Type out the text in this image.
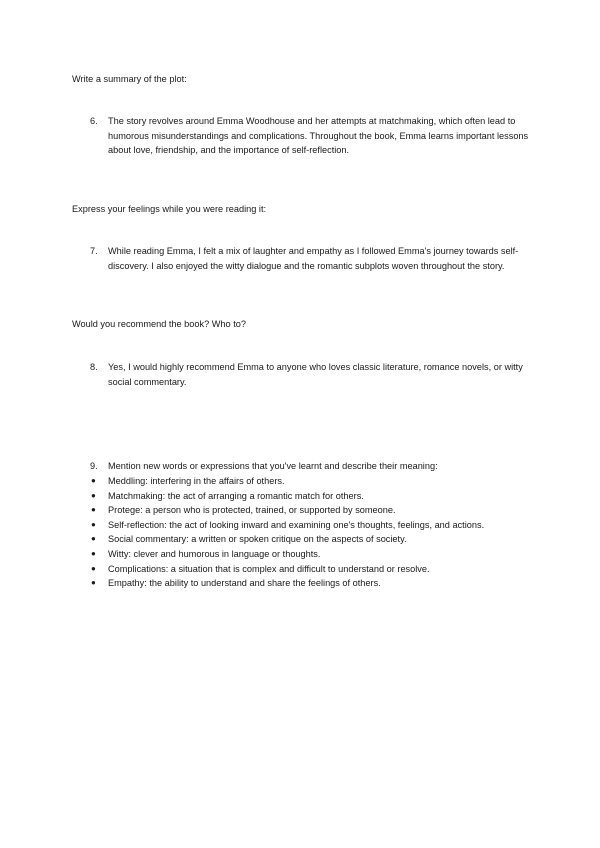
Write a summary of the plot:
6.	The story revolves around Emma Woodhouse and her attempts at matchmaking, which often lead to humorous misunderstandings and complications. Throughout the book, Emma learns important lessons about love, friendship, and the importance of self-reflection.
Express your feelings while you were reading it:
7.	While reading Emma, I felt a mix of laughter and empathy as I followed Emma's journey towards self-discovery. I also enjoyed the witty dialogue and the romantic subplots woven throughout the story.
Would you recommend the book? Who to?
8.	Yes, I would highly recommend Emma to anyone who loves classic literature, romance novels, or witty social commentary.
9.	Mention new words or expressions that you've learnt and describe their meaning:
● Meddling: interfering in the affairs of others.
● Matchmaking: the act of arranging a romantic match for others.
● Protege: a person who is protected, trained, or supported by someone.
● Self-reflection: the act of looking inward and examining one's thoughts, feelings, and actions.
● Social commentary: a written or spoken critique on the aspects of society.
● Witty: clever and humorous in language or thoughts.
● Complications: a situation that is complex and difficult to understand or resolve.
● Empathy: the ability to understand and share the feelings of others.
